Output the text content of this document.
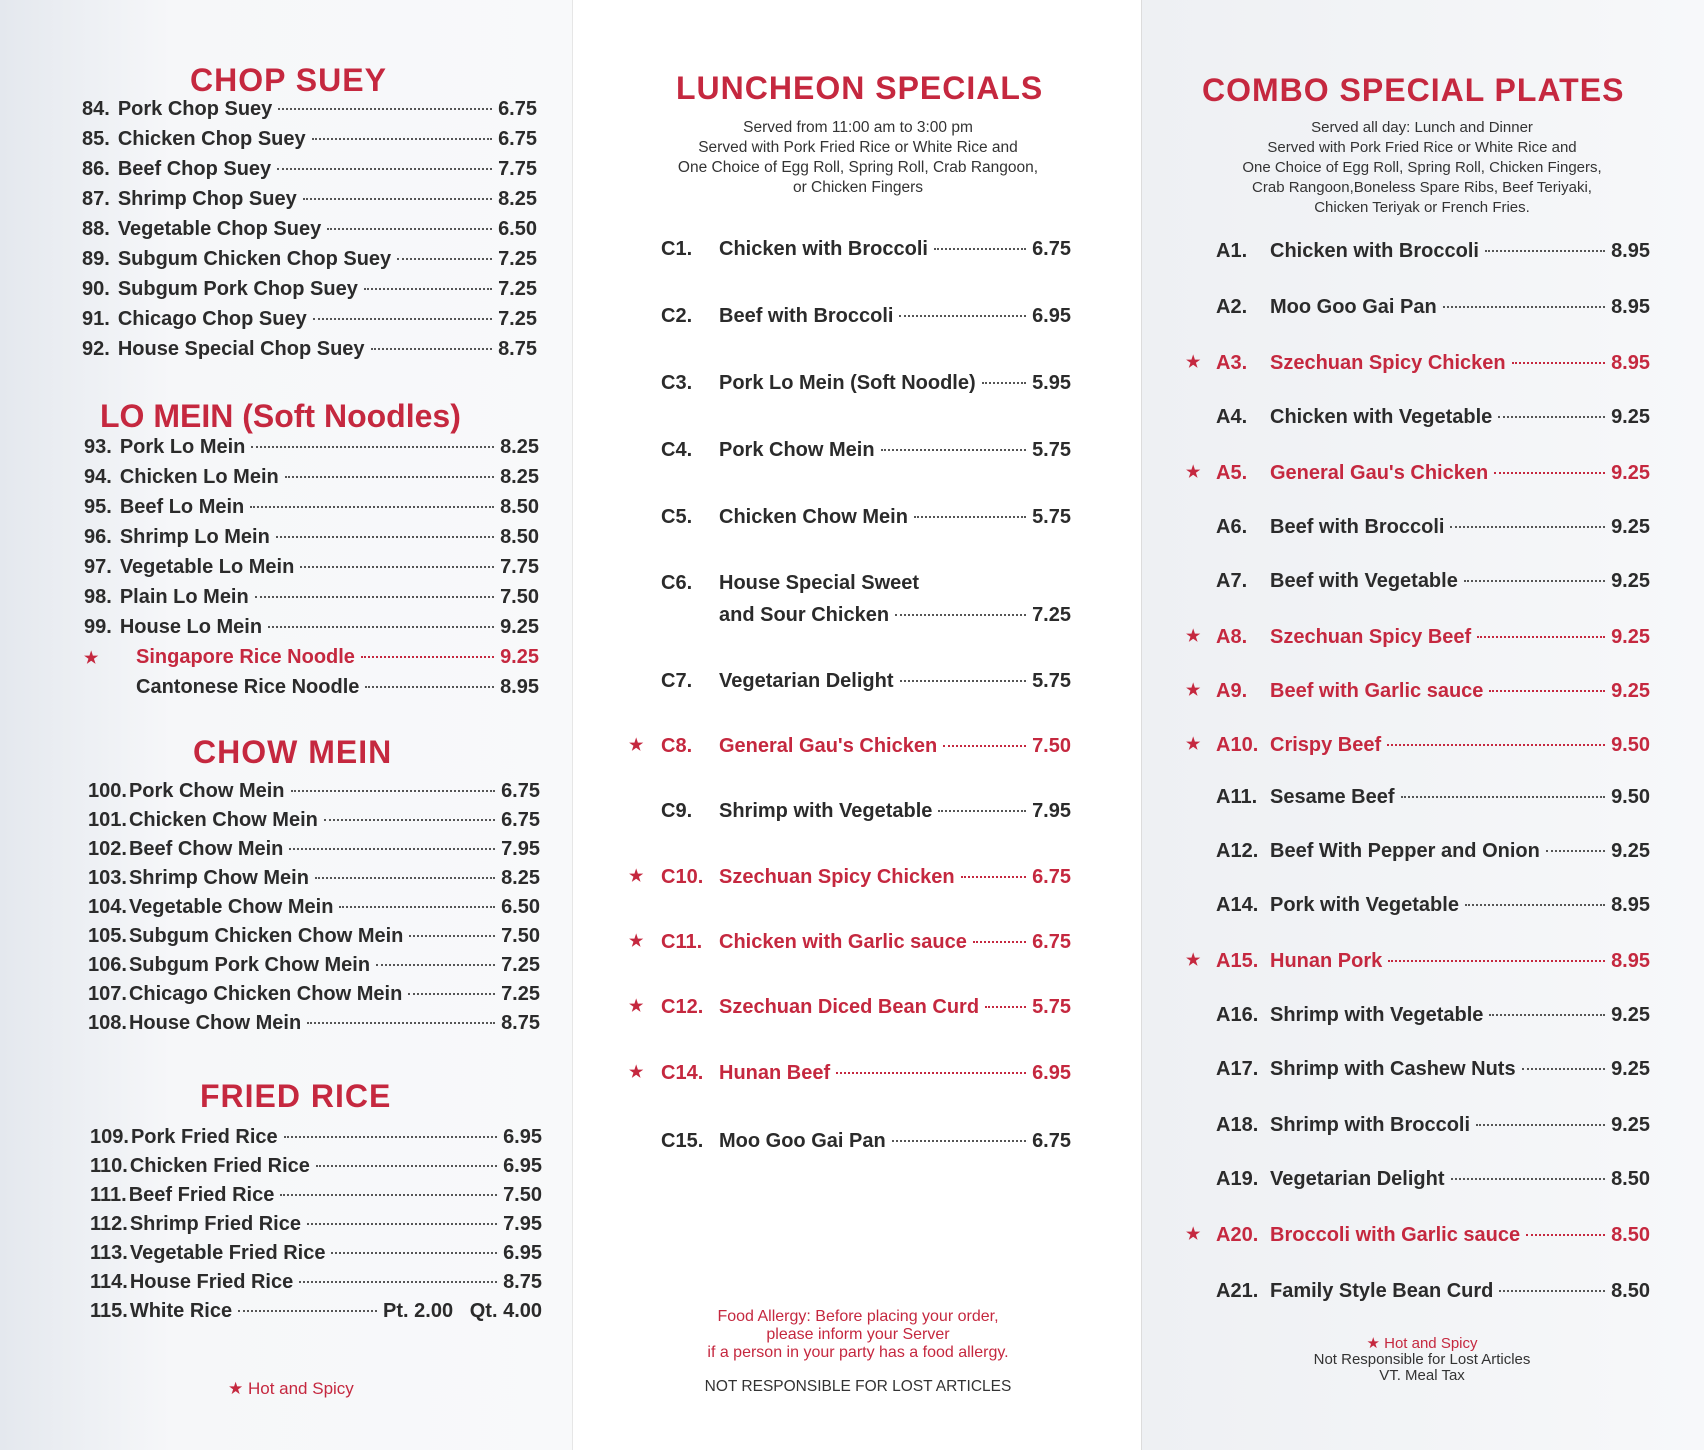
CHOP SUEY
84. Pork Chop Suey	6.75
85. Chicken Chop Suey	6.75
86. Beef Chop Suey	7.75
87. Shrimp Chop Suey	8.25
88. Vegetable Chop Suey	6.50
89. Subgum Chicken Chop Suey	7.25
90. Subgum Pork Chop Suey	7.25
91. Chicago Chop Suey	7.25
92. House Special Chop Suey	8.75
LO MEIN (Soft Noodles)
93. Pork Lo Mein	8.25
94. Chicken Lo Mein	8.25
95. Beef Lo Mein	8.50
96. Shrimp Lo Mein	8.50
97. Vegetable Lo Mein	7.75
98. Plain Lo Mein	7.50
99. House Lo Mein	9.25
★	Singapore Rice Noodle	9.25
Cantonese Rice Noodle	8.95
CHOW MEIN
100. Pork Chow Mein	6.75
101. Chicken Chow Mein	6.75
102. Beef Chow Mein	7.95
103. Shrimp Chow Mein	8.25
104. Vegetable Chow Mein	6.50
105. Subgum Chicken Chow Mein	7.50
106. Subgum Pork Chow Mein	7.25
107. Chicago Chicken Chow Mein	7.25
108. House Chow Mein	8.75
FRIED RICE
109. Pork Fried Rice	6.95
110. Chicken Fried Rice	6.95
111. Beef Fried Rice	7.50
112. Shrimp Fried Rice	7.95
113. Vegetable Fried Rice	6.95
114. House Fried Rice	8.75
115. White Rice	Pt. 2.00   Qt. 4.00

★ Hot and Spicy

LUNCHEON SPECIALS
Served from 11:00 am to 3:00 pm
Served with Pork Fried Rice or White Rice and
One Choice of Egg Roll, Spring Roll, Crab Rangoon,
or Chicken Fingers
C1.	Chicken with Broccoli	6.75
C2.	Beef with Broccoli	6.95
C3.	Pork Lo Mein (Soft Noodle)	5.95
C4.	Pork Chow Mein	5.75
C5.	Chicken Chow Mein	5.75
C6.	House Special Sweet
and Sour Chicken	7.25
C7.	Vegetarian Delight	5.75
★ C8.	General Gau's Chicken	7.50
C9.	Shrimp with Vegetable	7.95
★ C10. Szechuan Spicy Chicken	6.75
★ C11. Chicken with Garlic sauce	6.75
★ C12. Szechuan Diced Bean Curd	5.75
★ C14. Hunan Beef	6.95
C15. Moo Goo Gai Pan	6.75
Food Allergy: Before placing your order,
please inform your Server
if a person in your party has a food allergy.

NOT RESPONSIBLE FOR LOST ARTICLES

COMBO SPECIAL PLATES
Served all day: Lunch and Dinner
Served with Pork Fried Rice or White Rice and
One Choice of Egg Roll, Spring Roll, Chicken Fingers,
Crab Rangoon,Boneless Spare Ribs, Beef Teriyaki,
Chicken Teriyak or French Fries.
A1.	Chicken with Broccoli	8.95
A2.	Moo Goo Gai Pan	8.95
★ A3.	Szechuan Spicy Chicken	8.95
A4.	Chicken with Vegetable	9.25
★ A5.	General Gau's Chicken	9.25
A6.	Beef with Broccoli	9.25
A7.	Beef with Vegetable	9.25
★ A8.	Szechuan Spicy Beef	9.25
★ A9.	Beef with Garlic sauce	9.25
★ A10. Crispy Beef	9.50
A11. Sesame Beef	9.50
A12. Beef With Pepper and Onion	9.25
A14. Pork with Vegetable	8.95
★ A15. Hunan Pork	8.95
A16. Shrimp with Vegetable	9.25
A17. Shrimp with Cashew Nuts	9.25
A18. Shrimp with Broccoli	9.25
A19. Vegetarian Delight	8.50
★ A20. Broccoli with Garlic sauce	8.50
A21. Family Style Bean Curd	8.50
★ Hot and Spicy
Not Responsible for Lost Articles
VT. Meal Tax
